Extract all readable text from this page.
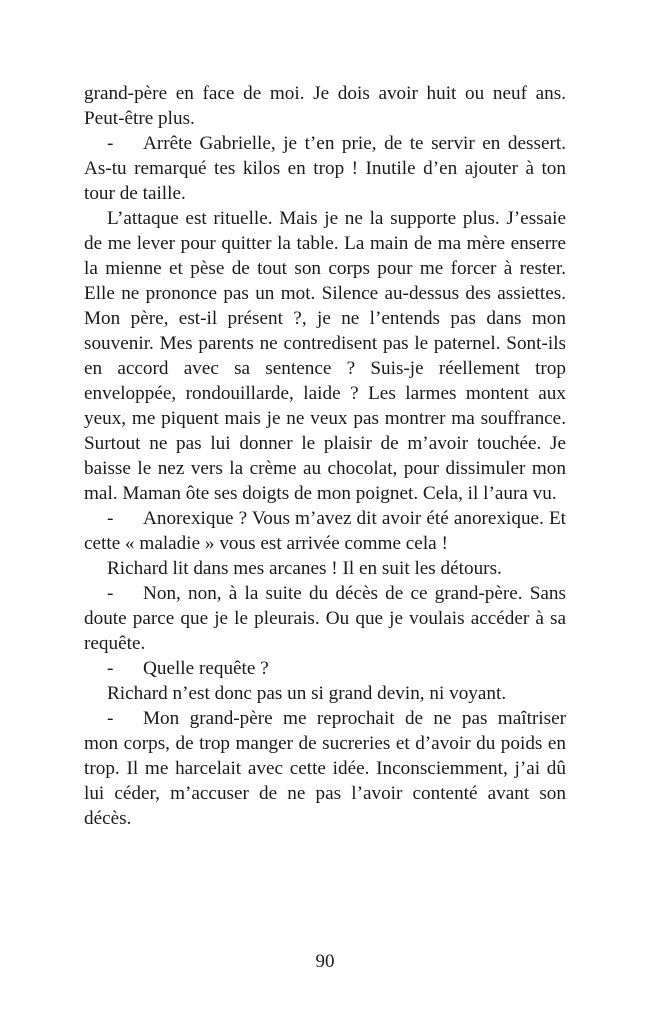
grand-père en face de moi. Je dois avoir huit ou neuf ans. Peut-être plus.

- Arrête Gabrielle, je t’en prie, de te servir en dessert. As-tu remarqué tes kilos en trop ! Inutile d’en ajouter à ton tour de taille.

L’attaque est rituelle. Mais je ne la supporte plus. J’essaie de me lever pour quitter la table. La main de ma mère enserre la mienne et pèse de tout son corps pour me forcer à rester. Elle ne prononce pas un mot. Silence au-dessus des assiettes. Mon père, est-il présent ?, je ne l’entends pas dans mon souvenir. Mes parents ne contredisent pas le paternel. Sont-ils en accord avec sa sentence ? Suis-je réellement trop enveloppée, rondouillarde, laide ? Les larmes montent aux yeux, me piquent mais je ne veux pas montrer ma souffrance. Surtout ne pas lui donner le plaisir de m’avoir touchée. Je baisse le nez vers la crème au chocolat, pour dissimuler mon mal. Maman ôte ses doigts de mon poignet. Cela, il l’aura vu.

- Anorexique ? Vous m’avez dit avoir été anorexique. Et cette « maladie » vous est arrivée comme cela !

Richard lit dans mes arcanes ! Il en suit les détours.

- Non, non, à la suite du décès de ce grand-père. Sans doute parce que je le pleurais. Ou que je voulais accéder à sa requête.

- Quelle requête ?

Richard n’est donc pas un si grand devin, ni voyant.

- Mon grand-père me reprochait de ne pas maîtriser mon corps, de trop manger de sucreries et d’avoir du poids en trop. Il me harcelait avec cette idée. Inconsciemment, j’ai dû lui céder, m’accuser de ne pas l’avoir contenté avant son décès.

90
